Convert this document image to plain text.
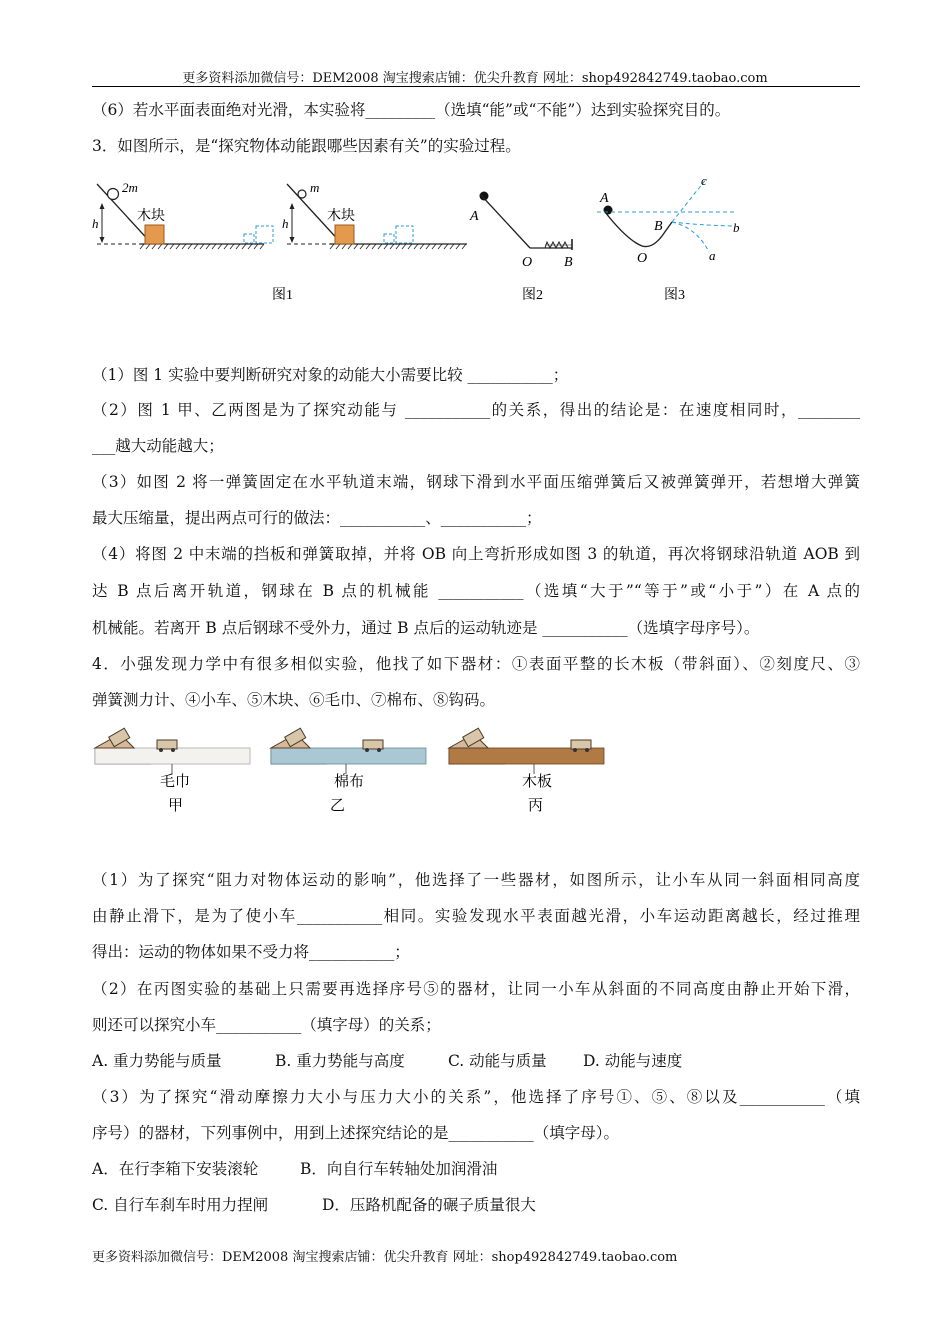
更多资料添加微信号：DEM2008 淘宝搜索店铺：优尖升教育 网址：shop492842749.taobao.com
（6）若水平面表面绝对光滑，本实验将_________（选填“能”或“不能”）达到实验探究目的。
3．如图所示，是“探究物体动能跟哪些因素有关”的实验过程。
h
2m
木块	h
m
木块	A
O B
A
O
B
c
b
a
图1	图2	图3
（1）图 1 实验中要判断研究对象的动能大小需要比较 ___________；
（2）图 1 甲、乙两图是为了探究动能与 ___________的关系，得出的结论是：在速度相同时，________
___越大动能越大；
（3）如图 2 将一弹簧固定在水平轨道末端，钢球下滑到水平面压缩弹簧后又被弹簧弹开，若想增大弹簧
最大压缩量，提出两点可行的做法：___________、___________；
（4）将图 2 中末端的挡板和弹簧取掉，并将 OB 向上弯折形成如图 3 的轨道，再次将钢球沿轨道 AOB 到
达 B 点后离开轨道，钢球在 B 点的机械能 ___________（选填“大于”“等于”或“小于”）在 A 点的
机械能。若离开 B 点后钢球不受外力，通过 B 点后的运动轨迹是 ___________（选填字母序号）。
4．小强发现力学中有很多相似实验，他找了如下器材：①表面平整的长木板（带斜面）、②刻度尺、③
弹簧测力计、④小车、⑤木块、⑥毛巾、⑦棉布、⑧钩码。
毛巾
甲
棉布
乙
木板
丙
（1）为了探究“阻力对物体运动的影响”，他选择了一些器材，如图所示，让小车从同一斜面相同高度
由静止滑下，是为了使小车___________相同。实验发现水平表面越光滑，小车运动距离越长，经过推理
得出：运动的物体如果不受力将___________；
（2）在丙图实验的基础上只需要再选择序号⑤的器材，让同一小车从斜面的不同高度由静止开始下滑，
则还可以探究小车___________（填字母）的关系；
A. 重力势能与质量	B. 重力势能与高度	C. 动能与质量 D. 动能与速度
（3）为了探究“滑动摩擦力大小与压力大小的关系”，他选择了序号①、⑤、⑧以及___________（填
序号）的器材，下列事例中，用到上述探究结论的是___________（填字母）。
A．在行李箱下安装滚轮	B．向自行车转轴处加润滑油
C. 自行车刹车时用力捏闸	D．压路机配备的碾子质量很大
更多资料添加微信号：DEM2008 淘宝搜索店铺：优尖升教育 网址：shop492842749.taobao.com
